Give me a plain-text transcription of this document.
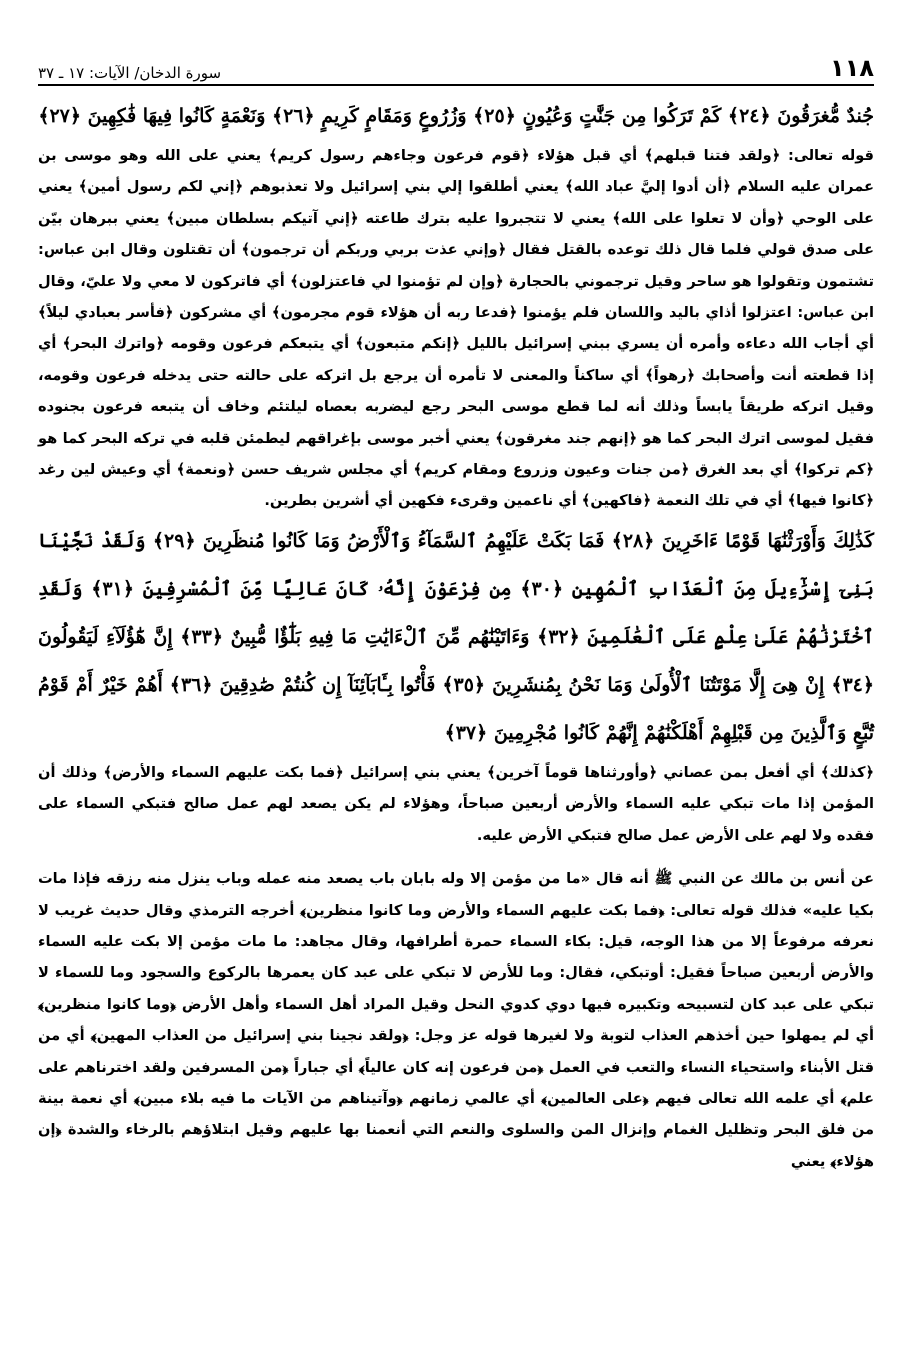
١١٨
سورة الدخان/ الآيات: ١٧ ـ ٣٧

جُندٌ مُّغرَقُونَ ﴿٢٤﴾ كَمْ تَرَكُوا مِن جَنَّٰتٍ وَعُيُونٍ ﴿٢٥﴾ وَزُرُوعٍ وَمَقَامٍ كَرِيمٍ ﴿٢٦﴾ وَنَعْمَةٍ كَانُوا فِيهَا فَٰكِهِينَ ﴿٢٧﴾

قوله تعالى: ﴿ولقد فتنا قبلهم﴾ أي قبل هؤلاء ﴿قوم فرعون وجاءهم رسول كريم﴾ يعني على الله وهو موسى بن عمران عليه السلام ﴿أن أدوا إليَّ عباد الله﴾ يعني أطلقوا إلي بني إسرائيل ولا تعذبوهم ﴿إني لكم رسول أمين﴾ يعني على الوحي ﴿وأن لا تعلوا على الله﴾ يعني لا تتجبروا عليه بترك طاعته ﴿إني آتيكم بسلطان مبين﴾ يعني ببرهان بيّن على صدق قولي فلما قال ذلك توعده بالقتل فقال ﴿وإني عذت بربي وربكم أن ترجمون﴾ أن تقتلون وقال ابن عباس: تشتمون وتقولوا هو ساحر وقيل ترجموني بالحجارة ﴿وإن لم تؤمنوا لي فاعتزلون﴾ أي فاتركون لا معي ولا عليّ، وقال ابن عباس: اعتزلوا أذاي باليد واللسان فلم يؤمنوا ﴿فدعا ربه أن هؤلاء قوم مجرمون﴾ أي مشركون ﴿فأسر بعبادي ليلاً﴾ أي أجاب الله دعاءه وأمره أن يسري ببني إسرائيل بالليل ﴿إنكم متبعون﴾ أي يتبعكم فرعون وقومه ﴿واترك البحر﴾ أي إذا قطعته أنت وأصحابك ﴿رهواً﴾ أي ساكناً والمعنى لا تأمره أن يرجع بل اتركه على حالته حتى يدخله فرعون وقومه، وقيل اتركه طريقاً يابساً وذلك أنه لما قطع موسى البحر رجع ليضربه بعصاه ليلتئم وخاف أن يتبعه فرعون بجنوده فقيل لموسى اترك البحر كما هو ﴿إنهم جند مغرقون﴾ يعني أخبر موسى بإغراقهم ليطمئن قلبه في تركه البحر كما هو ﴿كم تركوا﴾ أي بعد الغرق ﴿من جنات وعيون وزروع ومقام كريم﴾ أي مجلس شريف حسن ﴿ونعمة﴾ أي وعيش لين رغد ﴿كانوا فيها﴾ أي في تلك النعمة ﴿فاكهين﴾ أي ناعمين وقرىء فكهين أي أشرين بطرين.

كَذَٰلِكَ وَأَوْرَثْنَٰهَا قَوْمًا ءَاخَرِينَ ﴿٢٨﴾ فَمَا بَكَتْ عَلَيْهِمُ ٱلسَّمَآءُ وَٱلْأَرْضُ وَمَا كَانُوا مُنظَرِينَ ﴿٢٩﴾ وَلَقَدْ نَجَّيْنَا بَنِىٓ إِسْرَٰٓءِيلَ مِنَ ٱلْعَذَابِ ٱلْمُهِينِ ﴿٣٠﴾ مِن فِرْعَوْنَ إِنَّهُۥ كَانَ عَالِيًا مِّنَ ٱلْمُسْرِفِينَ ﴿٣١﴾ وَلَقَدِ ٱخْتَرْنَٰهُمْ عَلَىٰ عِلْمٍ عَلَى ٱلْعَٰلَمِينَ ﴿٣٢﴾ وَءَاتَيْنَٰهُم مِّنَ ٱلْءَايَٰتِ مَا فِيهِ بَلَٰٓؤٌا مُّبِينٌ ﴿٣٣﴾ إِنَّ هَٰٓؤُلَآءِ لَيَقُولُونَ ﴿٣٤﴾ إِنْ هِىَ إِلَّا مَوْتَتُنَا ٱلْأُولَىٰ وَمَا نَحْنُ بِمُنشَرِينَ ﴿٣٥﴾ فَأْتُوا بِـَٔابَآئِنَآ إِن كُنتُمْ صَٰدِقِينَ ﴿٣٦﴾ أَهُمْ خَيْرٌ أَمْ قَوْمُ تُبَّعٍ وَٱلَّذِينَ مِن قَبْلِهِمْ أَهْلَكْنَٰهُمْ إِنَّهُمْ كَانُوا مُجْرِمِينَ ﴿٣٧﴾

﴿كذلك﴾ أي أفعل بمن عصاني ﴿وأورثناها قوماً آخرين﴾ يعني بني إسرائيل ﴿فما بكت عليهم السماء والأرض﴾ وذلك أن المؤمن إذا مات تبكي عليه السماء والأرض أربعين صباحاً، وهؤلاء لم يكن يصعد لهم عمل صالح فتبكي السماء على فقده ولا لهم على الأرض عمل صالح فتبكي الأرض عليه.

عن أنس بن مالك عن النبي ﷺ أنه قال «ما من مؤمن إلا وله بابان باب يصعد منه عمله وباب ينزل منه رزقه فإذا مات بكيا عليه» فذلك قوله تعالى: ﴿فما بكت عليهم السماء والأرض وما كانوا منظرين﴾ أخرجه الترمذي وقال حديث غريب لا نعرفه مرفوعاً إلا من هذا الوجه، قيل: بكاء السماء حمرة أطرافها، وقال مجاهد: ما مات مؤمن إلا بكت عليه السماء والأرض أربعين صباحاً فقيل: أوتبكي، فقال: وما للأرض لا تبكي على عبد كان يعمرها بالركوع والسجود وما للسماء لا تبكي على عبد كان لتسبيحه وتكبيره فيها دوي كدوي النحل وقيل المراد أهل السماء وأهل الأرض ﴿وما كانوا منظرين﴾ أي لم يمهلوا حين أخذهم العذاب لتوبة ولا لغيرها قوله عز وجل: ﴿ولقد نجينا بني إسرائيل من العذاب المهين﴾ أي من قتل الأبناء واستحياء النساء والتعب في العمل ﴿من فرعون إنه كان عالياً﴾ أي جباراً ﴿من المسرفين ولقد اخترناهم على علم﴾ أي علمه الله تعالى فيهم ﴿على العالمين﴾ أي عالمي زمانهم ﴿وآتيناهم من الآيات ما فيه بلاء مبين﴾ أي نعمة بينة من فلق البحر وتظليل الغمام وإنزال المن والسلوى والنعم التي أنعمنا بها عليهم وقيل ابتلاؤهم بالرخاء والشدة ﴿إن هؤلاء﴾ يعني
